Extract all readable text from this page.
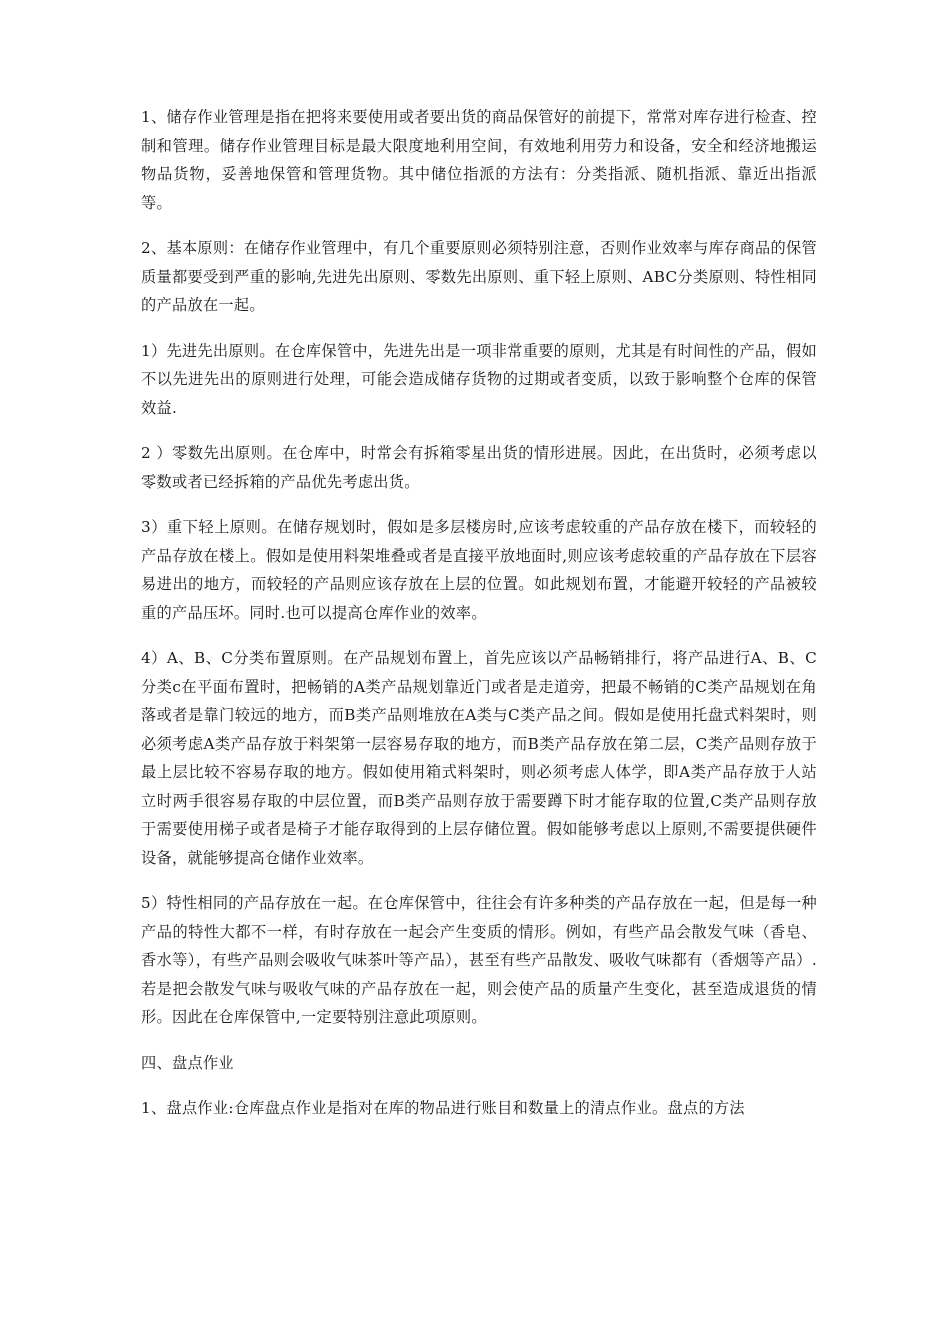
1、储存作业管理是指在把将来要使用或者要出货的商品保管好的前提下，常常对库存进行检查、控制和管理。储存作业管理目标是最大限度地利用空间，有效地利用劳力和设备，安全和经济地搬运物品货物，妥善地保管和管理货物。其中储位指派的方法有：分类指派、随机指派、靠近出指派等。

2、基本原则：在储存作业管理中，有几个重要原则必须特别注意，否则作业效率与库存商品的保管质量都要受到严重的影响,先进先出原则、零数先出原则、重下轻上原则、ABC分类原则、特性相同的产品放在一起。

1）先进先出原则。在仓库保管中，先进先出是一项非常重要的原则，尤其是有时间性的产品，假如不以先进先出的原则进行处理，可能会造成储存货物的过期或者变质，以致于影响整个仓库的保管效益.

2 ）零数先出原则。在仓库中，时常会有拆箱零星出货的情形进展。因此，在出货时，必须考虑以零数或者已经拆箱的产品优先考虑出货。

3）重下轻上原则。在储存规划时，假如是多层楼房时,应该考虑较重的产品存放在楼下，而较轻的产品存放在楼上。假如是使用料架堆叠或者是直接平放地面时,则应该考虑较重的产品存放在下层容易进出的地方，而较轻的产品则应该存放在上层的位置。如此规划布置，才能避开较轻的产品被较重的产品压坏。同时.也可以提高仓库作业的效率。

4）A、B、C分类布置原则。在产品规划布置上，首先应该以产品畅销排行，将产品进行A、B、C分类c在平面布置时，把畅销的A类产品规划靠近门或者是走道旁，把最不畅销的C类产品规划在角落或者是靠门较远的地方，而B类产品则堆放在A类与C类产品之间。假如是使用托盘式料架时，则必须考虑A类产品存放于料架第一层容易存取的地方，而B类产品存放在第二层，C类产品则存放于最上层比较不容易存取的地方。假如使用箱式料架时，则必须考虑人体学，即A类产品存放于人站立时两手很容易存取的中层位置，而B类产品则存放于需要蹲下时才能存取的位置,C类产品则存放于需要使用梯子或者是椅子才能存取得到的上层存储位置。假如能够考虑以上原则,不需要提供硬件设备，就能够提高仓储作业效率。

5）特性相同的产品存放在一起。在仓库保管中，往往会有许多种类的产品存放在一起，但是每一种产品的特性大都不一样，有时存放在一起会产生变质的情形。例如，有些产品会散发气味（香皂、香水等），有些产品则会吸收气味茶叶等产品），甚至有些产品散发、吸收气味都有（香烟等产品）.若是把会散发气味与吸收气味的产品存放在一起，则会使产品的质量产生变化，甚至造成退货的情形。因此在仓库保管中,一定要特别注意此项原则。

四、盘点作业

1、盘点作业:仓库盘点作业是指对在库的物品进行账目和数量上的清点作业。盘点的方法
